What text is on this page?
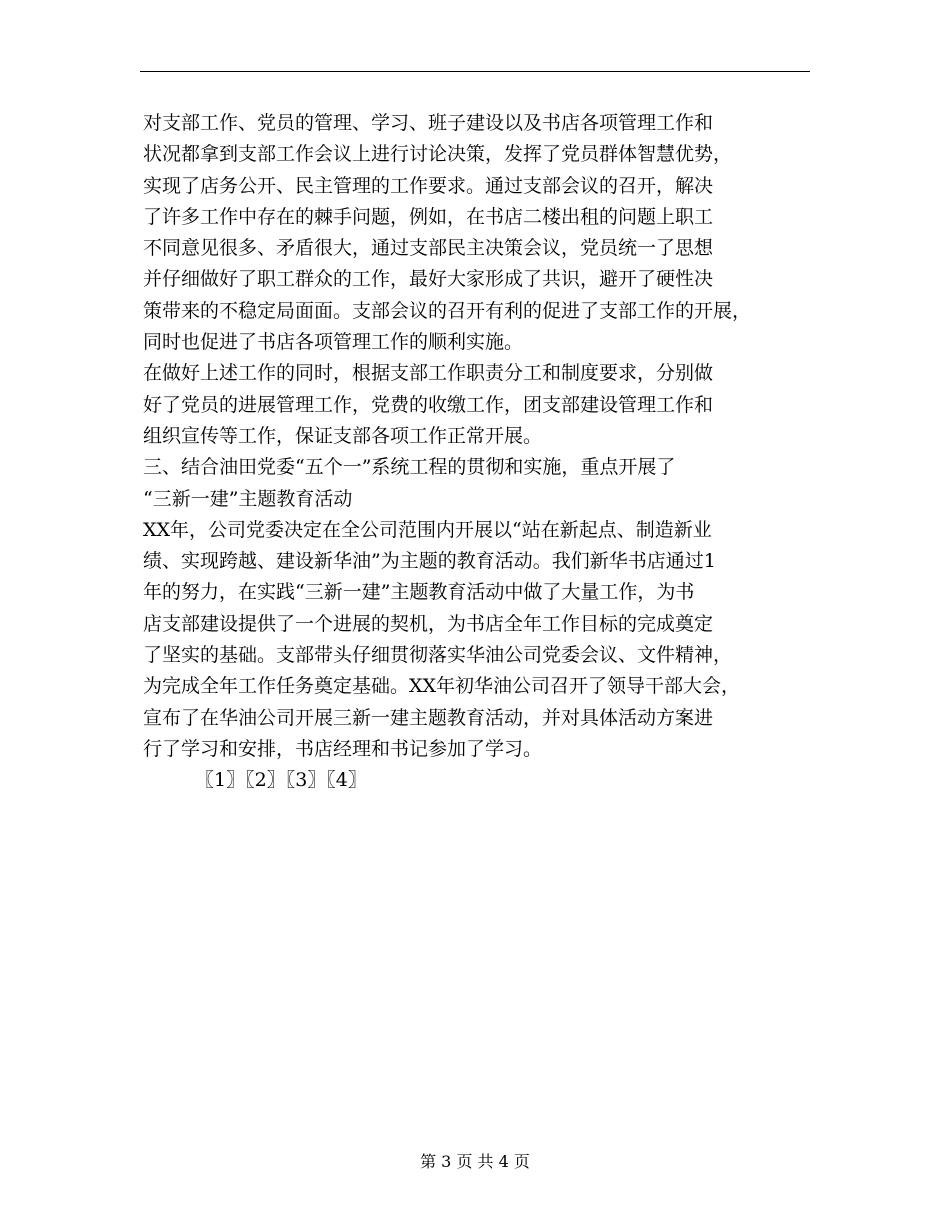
对支部工作、党员的管理、学习、班子建设以及书店各项管理工作和
状况都拿到支部工作会议上进行讨论决策，发挥了党员群体智慧优势，
实现了店务公开、民主管理的工作要求。通过支部会议的召开，解决
了许多工作中存在的棘手问题，例如，在书店二楼出租的问题上职工
不同意见很多、矛盾很大，通过支部民主决策会议，党员统一了思想
并仔细做好了职工群众的工作，最好大家形成了共识，避开了硬性决
策带来的不稳定局面面。支部会议的召开有利的促进了支部工作的开展，
同时也促进了书店各项管理工作的顺利实施。
在做好上述工作的同时，根据支部工作职责分工和制度要求，分别做
好了党员的进展管理工作，党费的收缴工作，团支部建设管理工作和
组织宣传等工作，保证支部各项工作正常开展。
三、结合油田党委“五个一”系统工程的贯彻和实施，重点开展了
“三新一建”主题教育活动
XX年，公司党委决定在全公司范围内开展以“站在新起点、制造新业
绩、实现跨越、建设新华油”为主题的教育活动。我们新华书店通过1
年的努力，在实践“三新一建”主题教育活动中做了大量工作，为书
店支部建设提供了一个进展的契机，为书店全年工作目标的完成奠定
了坚实的基础。支部带头仔细贯彻落实华油公司党委会议、文件精神，
为完成全年工作任务奠定基础。XX年初华油公司召开了领导干部大会，
宣布了在华油公司开展三新一建主题教育活动，并对具体活动方案进
行了学习和安排，书店经理和书记参加了学习。
〖1〗〖2〗〖3〗〖4〗
第 3 页 共 4 页
